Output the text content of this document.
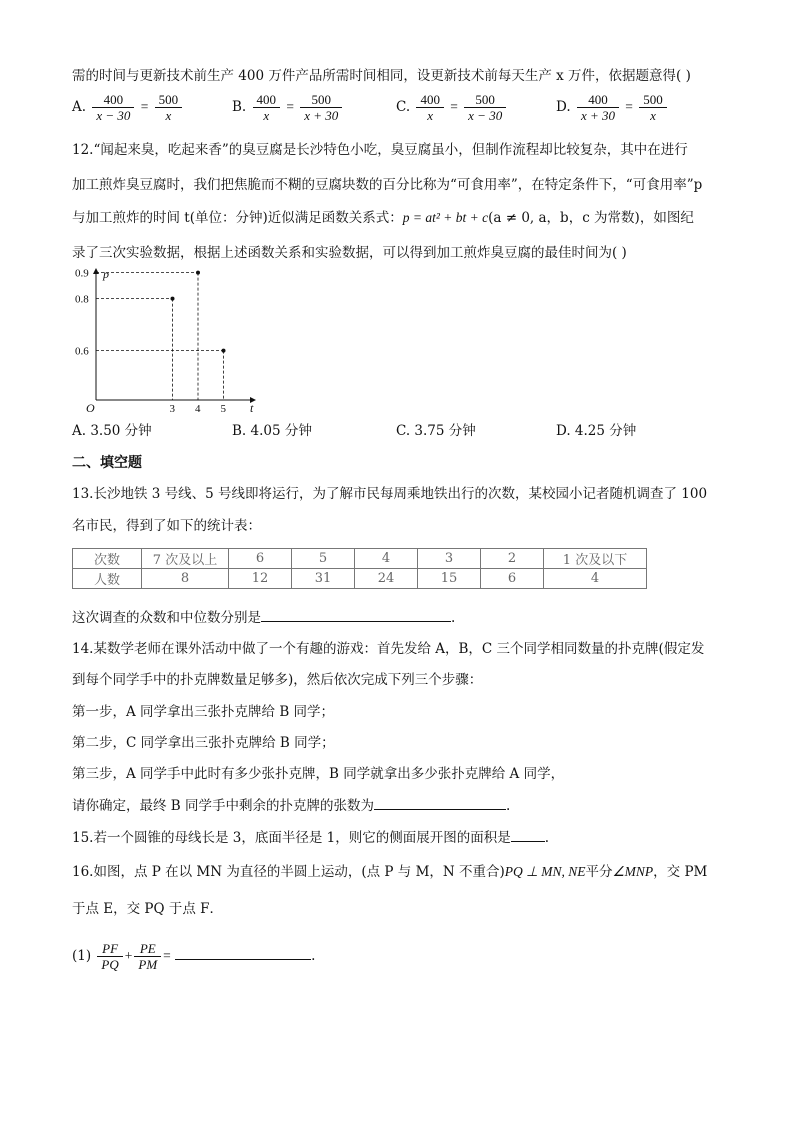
需的时间与更新技术前生产 400 万件产品所需时间相同，设更新技术前每天生产 x 万件，依据题意得( )
A. $\frac{400}{x - 30} = \frac{500}{x}$	B. $\frac{400}{x} = \frac{500}{x + 30}$	C. $\frac{400}{x} = \frac{500}{x - 30}$	D. $\frac{400}{x + 30} = \frac{500}{x}$
12.“闻起来臭，吃起来香”的臭豆腐是长沙特色小吃，臭豆腐虽小，但制作流程却比较复杂，其中在进行
加工煎炸臭豆腐时，我们把焦脆而不糊的豆腐块数的百分比称为“可食用率”，在特定条件下，“可食用率”p
与加工煎炸的时间 t(单位：分钟)近似满足函数关系式：p = at² + bt + c(a ≠ 0, a，b，c 为常数)，如图纪
录了三次实验数据，根据上述函数关系和实验数据，可以得到加工煎炸臭豆腐的最佳时间为( )
p
t
O	3 4 5
0.8
0.9
0.6
A. 3.50 分钟	B. 4.05 分钟	C. 3.75 分钟	D. 4.25 分钟
二、填空题
13.长沙地铁 3 号线、5 号线即将运行，为了解市民每周乘地铁出行的次数，某校园小记者随机调查了 100
名市民，得到了如下的统计表：
次数	7 次及以上	6	5	4	3	2	1 次及以下
人数	8	12	31	24	15	6	4
这次调查的众数和中位数分别是	.
14.某数学老师在课外活动中做了一个有趣的游戏：首先发给 A，B，C 三个同学相同数量的扑克牌(假定发
到每个同学手中的扑克牌数量足够多)，然后依次完成下列三个步骤：
第一步，A 同学拿出三张扑克牌给 B 同学；
第二步，C 同学拿出三张扑克牌给 B 同学；
第三步，A 同学手中此时有多少张扑克牌，B 同学就拿出多少张扑克牌给 A 同学，
请你确定，最终 B 同学手中剩余的扑克牌的张数为	.
15.若一个圆锥的母线长是 3，底面半径是 1，则它的侧面展开图的面积是	.
16.如图，点 P 在以 MN 为直径的半圆上运动，(点 P 与 M，N 不重合)PQ ⊥ MN, NE平分∠MNP，交 PM
于点 E，交 PQ 于点 F．
$(1) \frac{PF}{PQ} + \frac{PE}{PM}$ =	.
